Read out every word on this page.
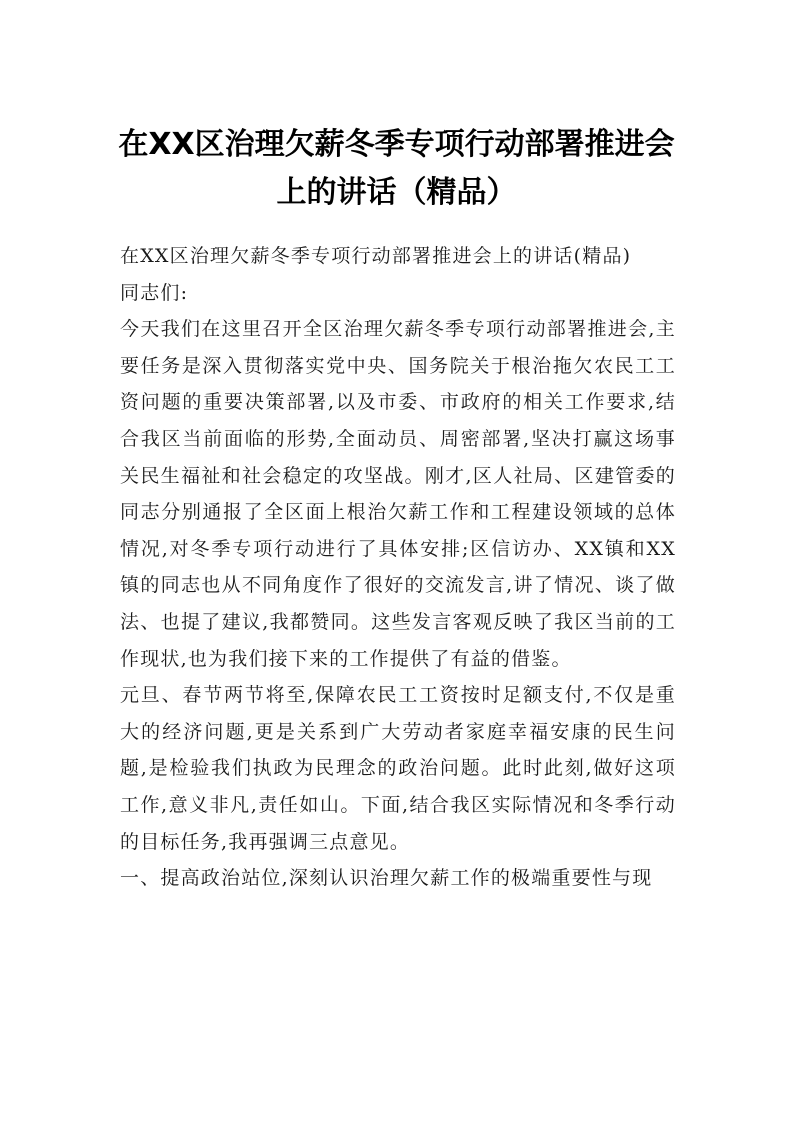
在XX区治理欠薪冬季专项行动部署推进会
上的讲话（精品）

在XX区治理欠薪冬季专项行动部署推进会上的讲话(精品)

同志们:

今天我们在这里召开全区治理欠薪冬季专项行动部署推进会,主要任务是深入贯彻落实党中央、国务院关于根治拖欠农民工工资问题的重要决策部署,以及市委、市政府的相关工作要求,结合我区当前面临的形势,全面动员、周密部署,坚决打赢这场事关民生福祉和社会稳定的攻坚战。刚才,区人社局、区建管委的同志分别通报了全区面上根治欠薪工作和工程建设领域的总体情况,对冬季专项行动进行了具体安排;区信访办、XX镇和XX镇的同志也从不同角度作了很好的交流发言,讲了情况、谈了做法、也提了建议,我都赞同。这些发言客观反映了我区当前的工作现状,也为我们接下来的工作提供了有益的借鉴。

元旦、春节两节将至,保障农民工工资按时足额支付,不仅是重大的经济问题,更是关系到广大劳动者家庭幸福安康的民生问题,是检验我们执政为民理念的政治问题。此时此刻,做好这项工作,意义非凡,责任如山。下面,结合我区实际情况和冬季行动的目标任务,我再强调三点意见。

一、提高政治站位,深刻认识治理欠薪工作的极端重要性与现
